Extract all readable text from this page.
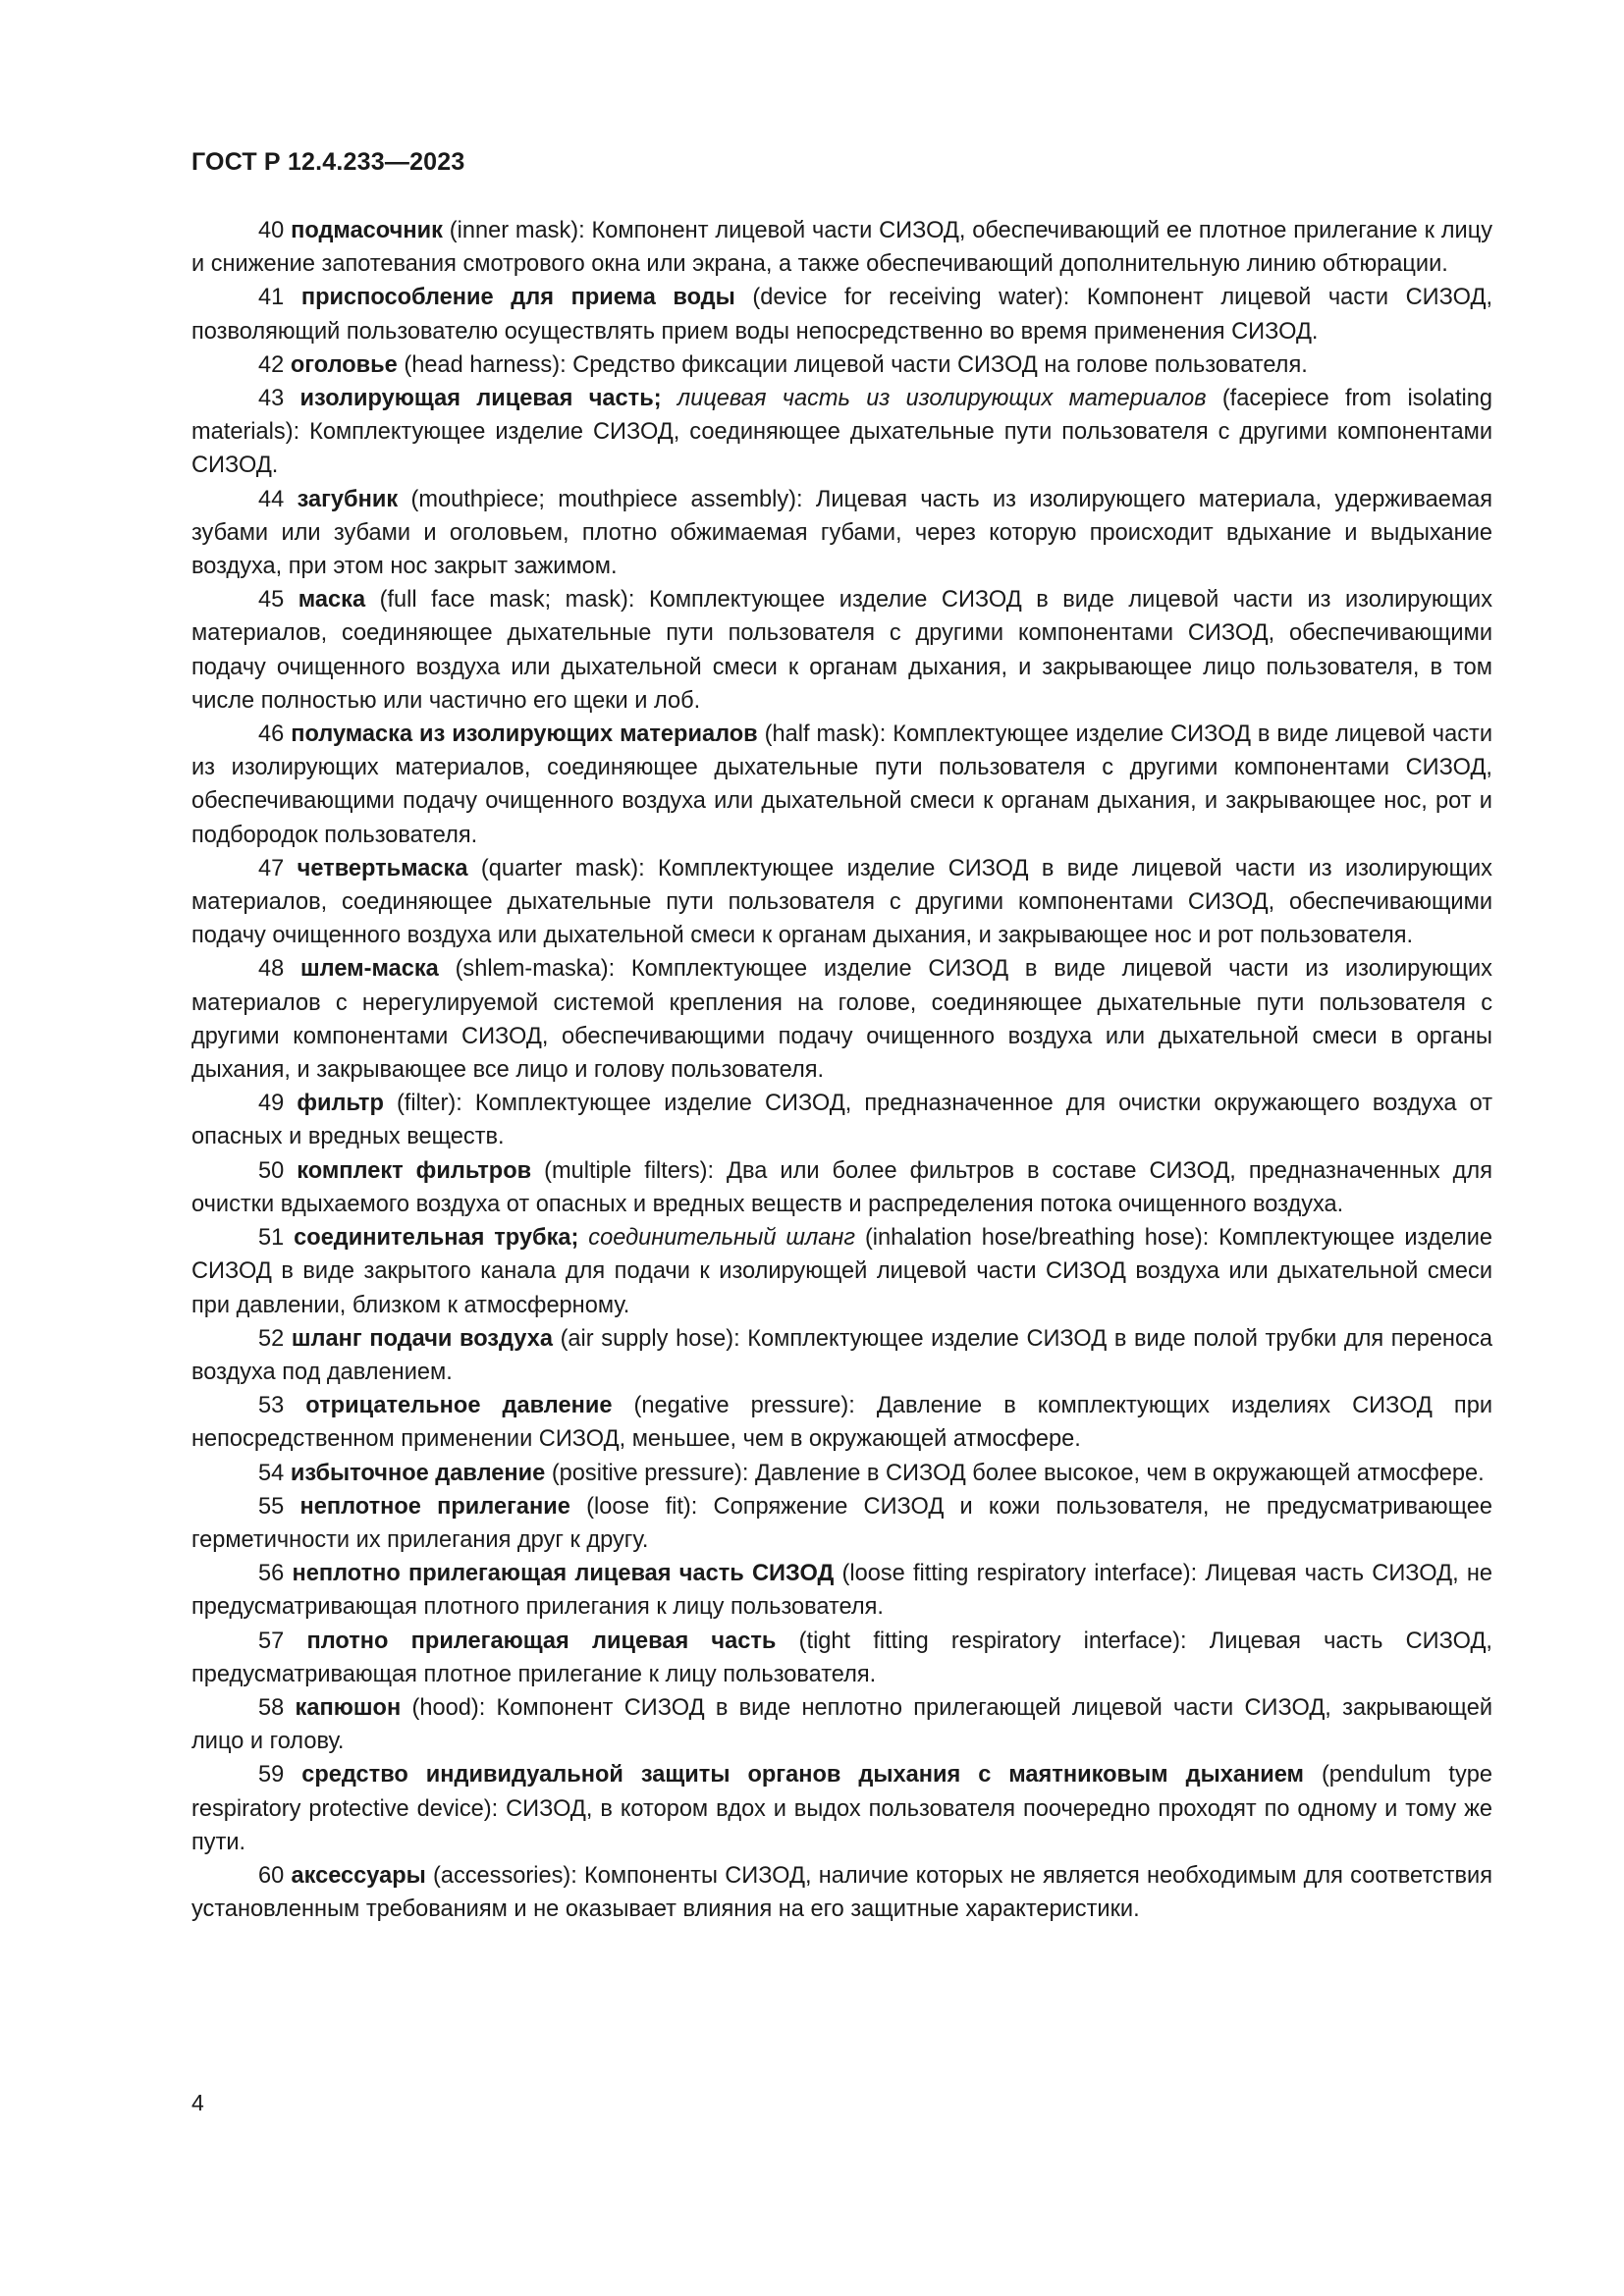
ГОСТ Р 12.4.233—2023

40 подмасочник (inner mask): Компонент лицевой части СИЗОД, обеспечивающий ее плотное прилегание к лицу и снижение запотевания смотрового окна или экрана, а также обеспечивающий дополнительную линию обтюрации.

41 приспособление для приема воды (device for receiving water): Компонент лицевой части СИЗОД, позволяющий пользователю осуществлять прием воды непосредственно во время применения СИЗОД.

42 оголовье (head harness): Средство фиксации лицевой части СИЗОД на голове пользователя.

43 изолирующая лицевая часть; лицевая часть из изолирующих материалов (facepiece from isolating materials): Комплектующее изделие СИЗОД, соединяющее дыхательные пути пользователя с другими компонентами СИЗОД.

44 загубник (mouthpiece; mouthpiece assembly): Лицевая часть из изолирующего материала, удерживаемая зубами или зубами и оголовьем, плотно обжимаемая губами, через которую происходит вдыхание и выдыхание воздуха, при этом нос закрыт зажимом.

45 маска (full face mask; mask): Комплектующее изделие СИЗОД в виде лицевой части из изолирующих материалов, соединяющее дыхательные пути пользователя с другими компонентами СИЗОД, обеспечивающими подачу очищенного воздуха или дыхательной смеси к органам дыхания, и закрывающее лицо пользователя, в том числе полностью или частично его щеки и лоб.

46 полумаска из изолирующих материалов (half mask): Комплектующее изделие СИЗОД в виде лицевой части из изолирующих материалов, соединяющее дыхательные пути пользователя с другими компонентами СИЗОД, обеспечивающими подачу очищенного воздуха или дыхательной смеси к органам дыхания, и закрывающее нос, рот и подбородок пользователя.

47 четвертьмаска (quarter mask): Комплектующее изделие СИЗОД в виде лицевой части из изолирующих материалов, соединяющее дыхательные пути пользователя с другими компонентами СИЗОД, обеспечивающими подачу очищенного воздуха или дыхательной смеси к органам дыхания, и закрывающее нос и рот пользователя.

48 шлем-маска (shlem-maska): Комплектующее изделие СИЗОД в виде лицевой части из изолирующих материалов с нерегулируемой системой крепления на голове, соединяющее дыхательные пути пользователя с другими компонентами СИЗОД, обеспечивающими подачу очищенного воздуха или дыхательной смеси в органы дыхания, и закрывающее все лицо и голову пользователя.

49 фильтр (filter): Комплектующее изделие СИЗОД, предназначенное для очистки окружающего воздуха от опасных и вредных веществ.

50 комплект фильтров (multiple filters): Два или более фильтров в составе СИЗОД, предназначенных для очистки вдыхаемого воздуха от опасных и вредных веществ и распределения потока очищенного воздуха.

51 соединительная трубка; соединительный шланг (inhalation hose/breathing hose): Комплектующее изделие СИЗОД в виде закрытого канала для подачи к изолирующей лицевой части СИЗОД воздуха или дыхательной смеси при давлении, близком к атмосферному.

52 шланг подачи воздуха (air supply hose): Комплектующее изделие СИЗОД в виде полой трубки для переноса воздуха под давлением.

53 отрицательное давление (negative pressure): Давление в комплектующих изделиях СИЗОД при непосредственном применении СИЗОД, меньшее, чем в окружающей атмосфере.

54 избыточное давление (positive pressure): Давление в СИЗОД более высокое, чем в окружающей атмосфере.

55 неплотное прилегание (loose fit): Сопряжение СИЗОД и кожи пользователя, не предусматривающее герметичности их прилегания друг к другу.

56 неплотно прилегающая лицевая часть СИЗОД (loose fitting respiratory interface): Лицевая часть СИЗОД, не предусматривающая плотного прилегания к лицу пользователя.

57 плотно прилегающая лицевая часть (tight fitting respiratory interface): Лицевая часть СИЗОД, предусматривающая плотное прилегание к лицу пользователя.

58 капюшон (hood): Компонент СИЗОД в виде неплотно прилегающей лицевой части СИЗОД, закрывающей лицо и голову.

59 средство индивидуальной защиты органов дыхания с маятниковым дыханием (pendulum type respiratory protective device): СИЗОД, в котором вдох и выдох пользователя поочередно проходят по одному и тому же пути.

60 аксессуары (accessories): Компоненты СИЗОД, наличие которых не является необходимым для соответствия установленным требованиям и не оказывает влияния на его защитные характеристики.

4
